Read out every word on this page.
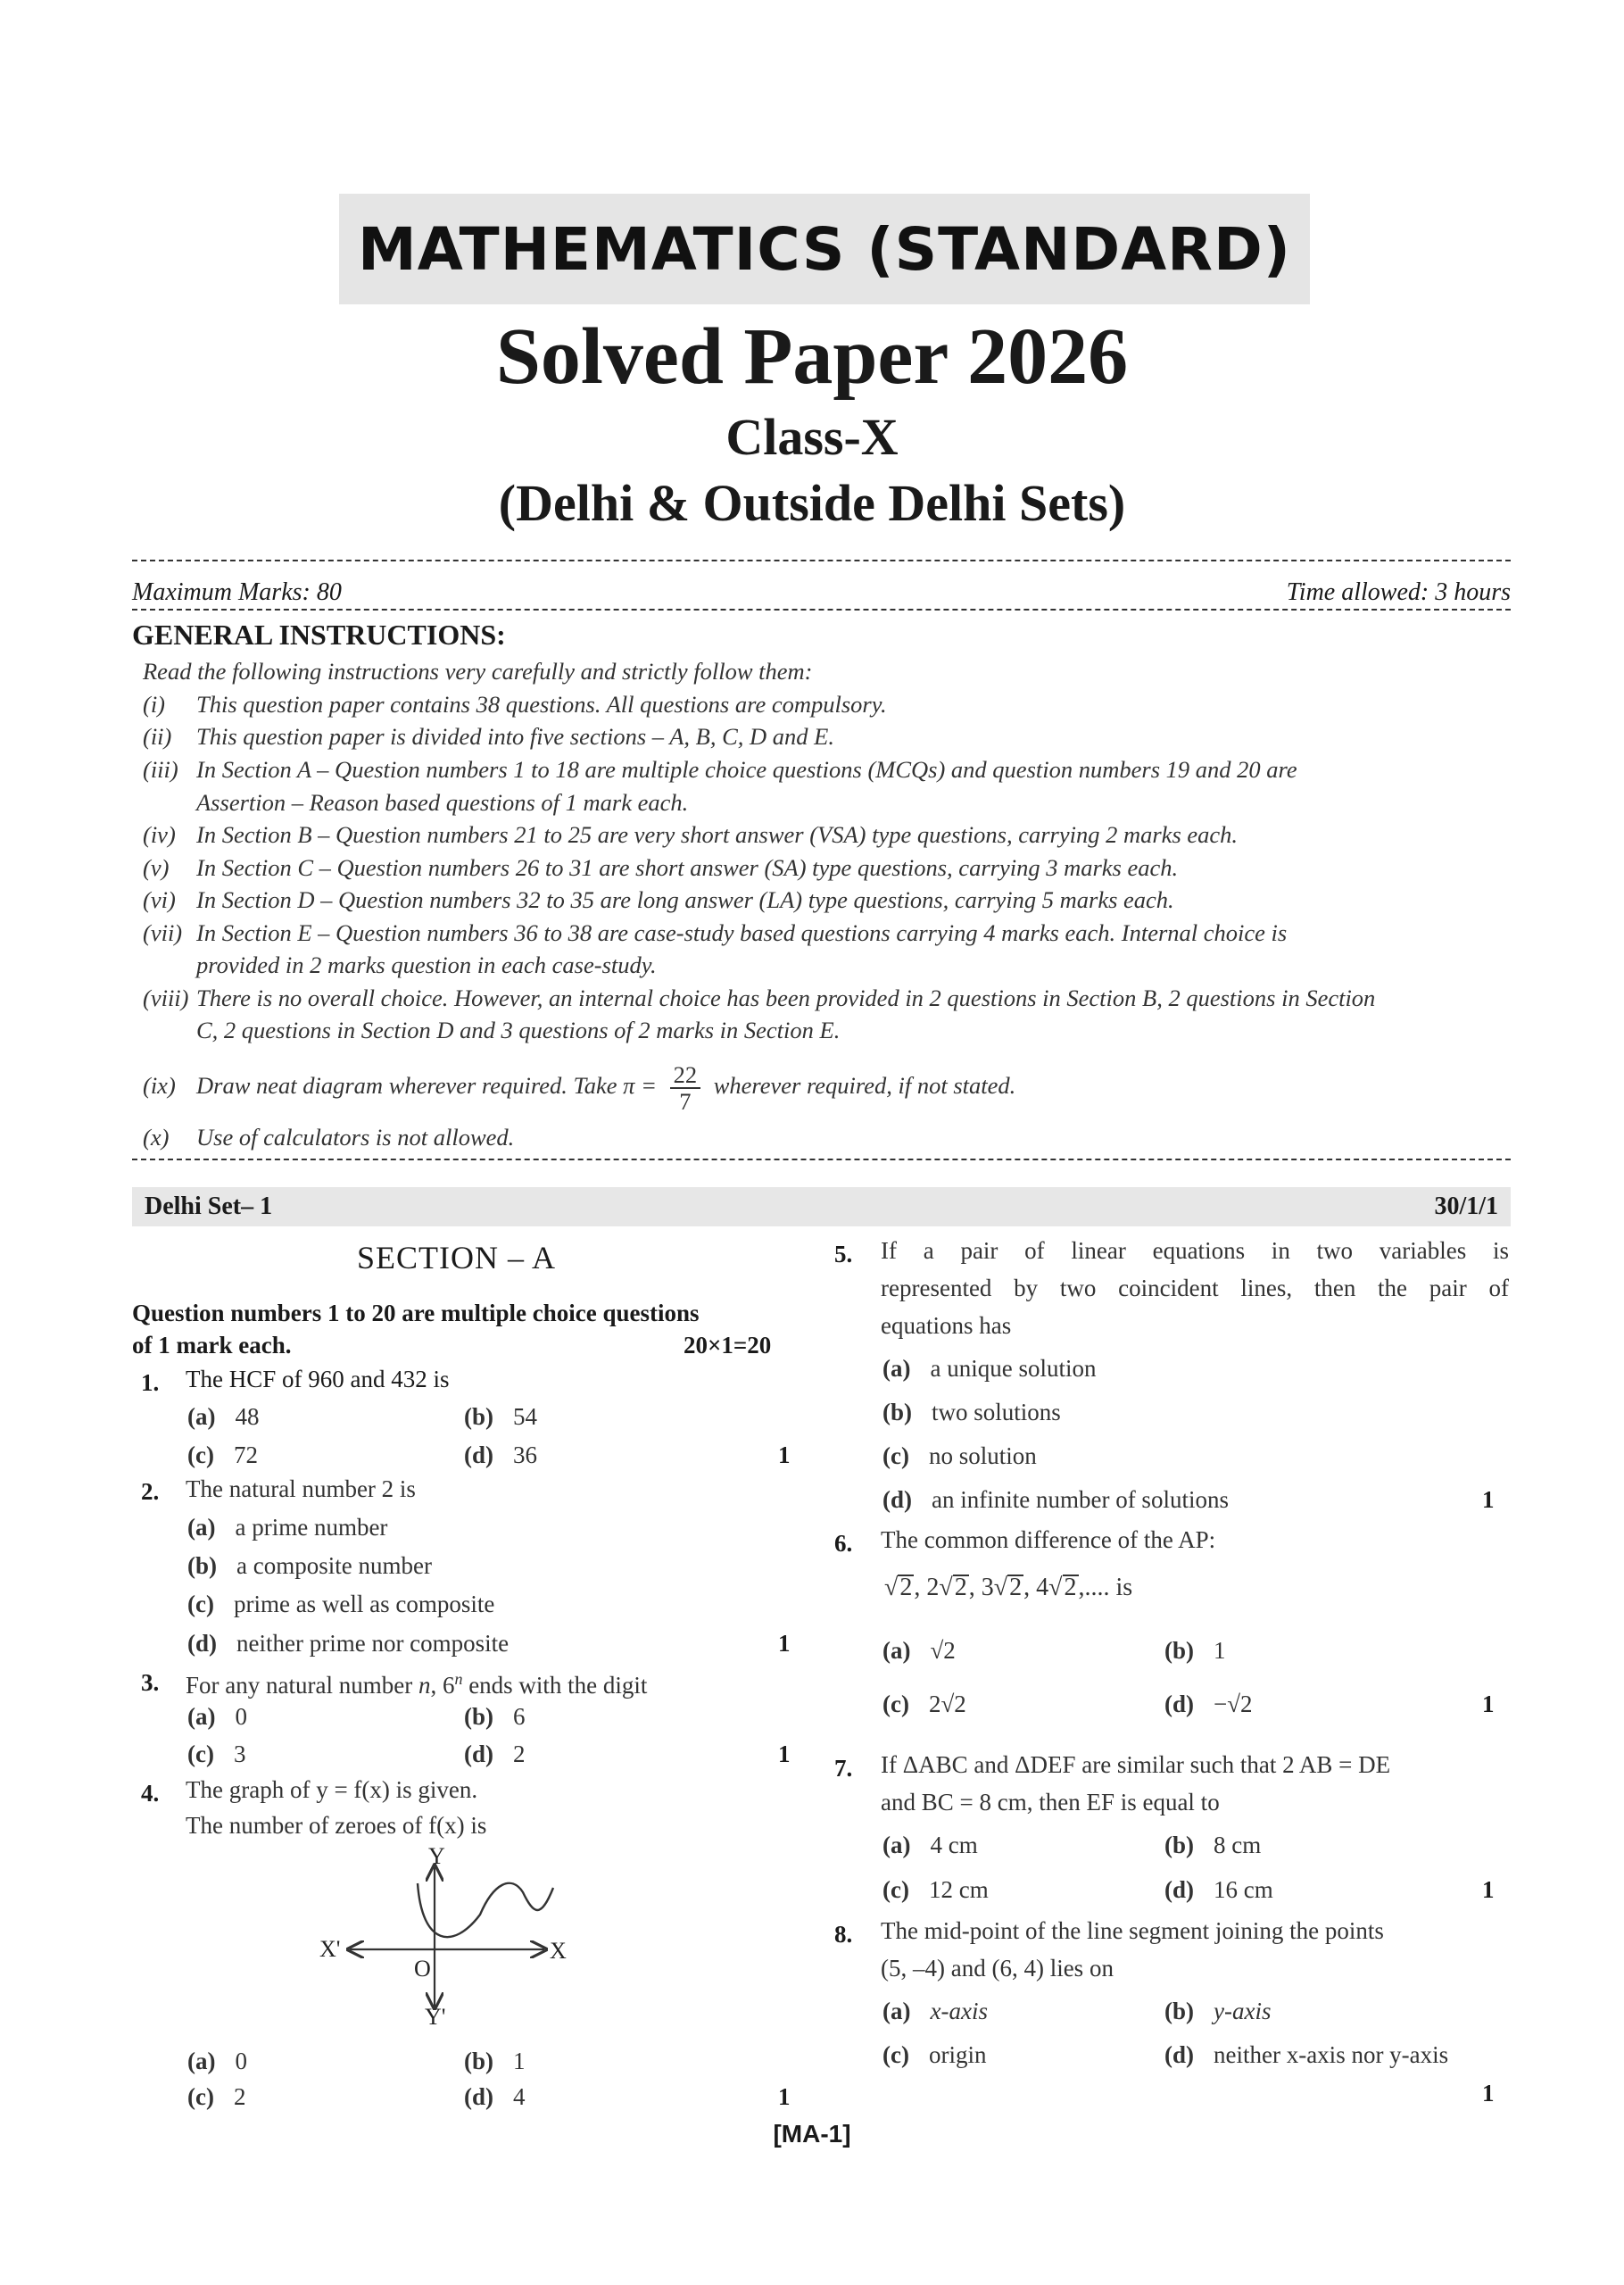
MATHEMATICS (STANDARD)
Solved Paper 2026
Class-X
(Delhi & Outside Delhi Sets)
Maximum Marks: 80	Time allowed: 3 hours
GENERAL INSTRUCTIONS:
Read the following instructions very carefully and strictly follow them:
(i) This question paper contains 38 questions. All questions are compulsory.
(ii) This question paper is divided into five sections – A, B, C, D and E.
(iii) In Section A – Question numbers 1 to 18 are multiple choice questions (MCQs) and question numbers 19 and 20 are
Assertion – Reason based questions of 1 mark each.
(iv) In Section B – Question numbers 21 to 25 are very short answer (VSA) type questions, carrying 2 marks each.
(v) In Section C – Question numbers 26 to 31 are short answer (SA) type questions, carrying 3 marks each.
(vi) In Section D – Question numbers 32 to 35 are long answer (LA) type questions, carrying 5 marks each.
(vii) In Section E – Question numbers 36 to 38 are case-study based questions carrying 4 marks each. Internal choice is
provided in 2 marks question in each case-study.
(viii) There is no overall choice. However, an internal choice has been provided in 2 questions in Section B, 2 questions in Section
C, 2 questions in Section D and 3 questions of 2 marks in Section E.
(ix) Draw neat diagram wherever required. Take $\pi = \frac{22}{7}$ wherever required, if not stated.
(x) Use of calculators is not allowed.
Delhi Set– 1	30/1/1
SECTION – A
Question numbers 1 to 20 are multiple choice questions
of 1 mark each.	20×1=20
1. The HCF of 960 and 432 is
(a) 48	(b) 54
(c) 72	(d) 36	1
2. The natural number 2 is
(a) a prime number
(b) a composite number
(c) prime as well as composite
(d) neither prime nor composite	1
3. For any natural number n, 6$^n$ ends with the digit
(a) 0	(b) 6
(c) 3	(d) 2	1
4. The graph of y = f(x) is given.
The number of zeroes of f(x) is
Y
Y'
X
X'
O
(a) 0	(b) 1
(c) 2	(d) 4	1
5. If a pair of linear equations in two variables is
represented by two coincident lines, then the pair of
equations has
(a) a unique solution
(b) two solutions
(c) no solution
(d) an infinite number of solutions	1
6. The common difference of the AP:
√2, 2√2, 3√2, 4√2,.... is
(a) √2	(b) 1
(c) 2√2	(d) −√2	1
7. If ΔABC and ΔDEF are similar such that 2 AB = DE
and BC = 8 cm, then EF is equal to
(a) 4 cm	(b) 8 cm
(c) 12 cm	(d) 16 cm	1
8. The mid-point of the line segment joining the points
(5, –4) and (6, 4) lies on
(a) x-axis	(b) y-axis
(c) origin	(d) neither x-axis nor y-axis
1
[MA-1]
